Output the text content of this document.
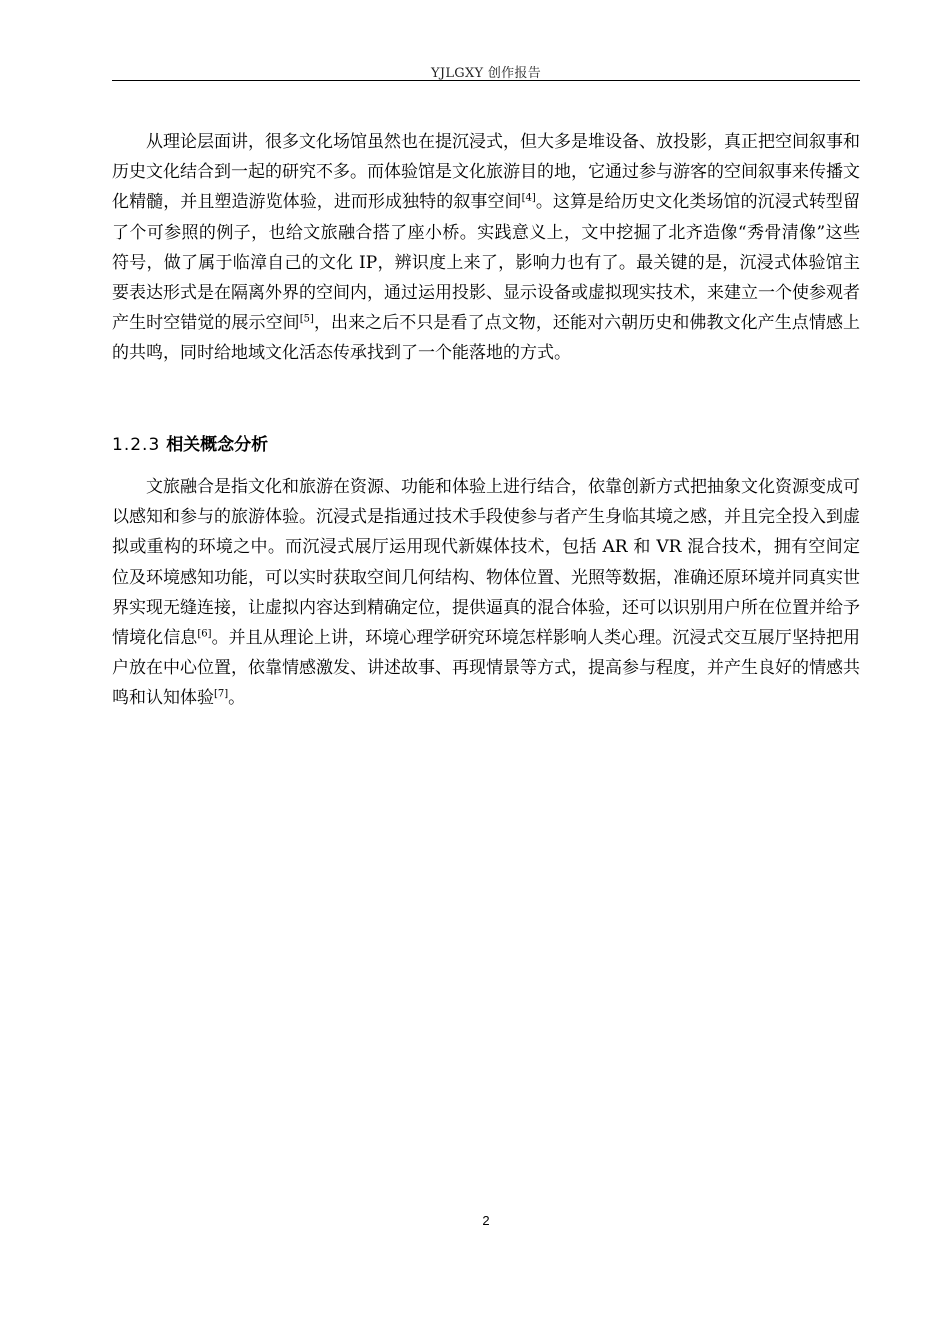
YJLGXY 创作报告

从理论层面讲，很多文化场馆虽然也在提沉浸式，但大多是堆设备、放投影，真正把空间叙事和历史文化结合到一起的研究不多。而体验馆是文化旅游目的地，它通过参与游客的空间叙事来传播文化精髓，并且塑造游览体验，进而形成独特的叙事空间[4]。这算是给历史文化类场馆的沉浸式转型留了个可参照的例子，也给文旅融合搭了座小桥。实践意义上，文中挖掘了北齐造像“秀骨清像”这些符号，做了属于临漳自己的文化 IP，辨识度上来了，影响力也有了。最关键的是，沉浸式体验馆主要表达形式是在隔离外界的空间内，通过运用投影、显示设备或虚拟现实技术，来建立一个使参观者产生时空错觉的展示空间[5]，出来之后不只是看了点文物，还能对六朝历史和佛教文化产生点情感上的共鸣，同时给地域文化活态传承找到了一个能落地的方式。

1.2.3 相关概念分析

文旅融合是指文化和旅游在资源、功能和体验上进行结合，依靠创新方式把抽象文化资源变成可以感知和参与的旅游体验。沉浸式是指通过技术手段使参与者产生身临其境之感，并且完全投入到虚拟或重构的环境之中。而沉浸式展厅运用现代新媒体技术，包括 AR 和 VR 混合技术，拥有空间定位及环境感知功能，可以实时获取空间几何结构、物体位置、光照等数据，准确还原环境并同真实世界实现无缝连接，让虚拟内容达到精确定位，提供逼真的混合体验，还可以识别用户所在位置并给予情境化信息[6]。并且从理论上讲，环境心理学研究环境怎样影响人类心理。沉浸式交互展厅坚持把用户放在中心位置，依靠情感激发、讲述故事、再现情景等方式，提高参与程度，并产生良好的情感共鸣和认知体验[7]。

2
